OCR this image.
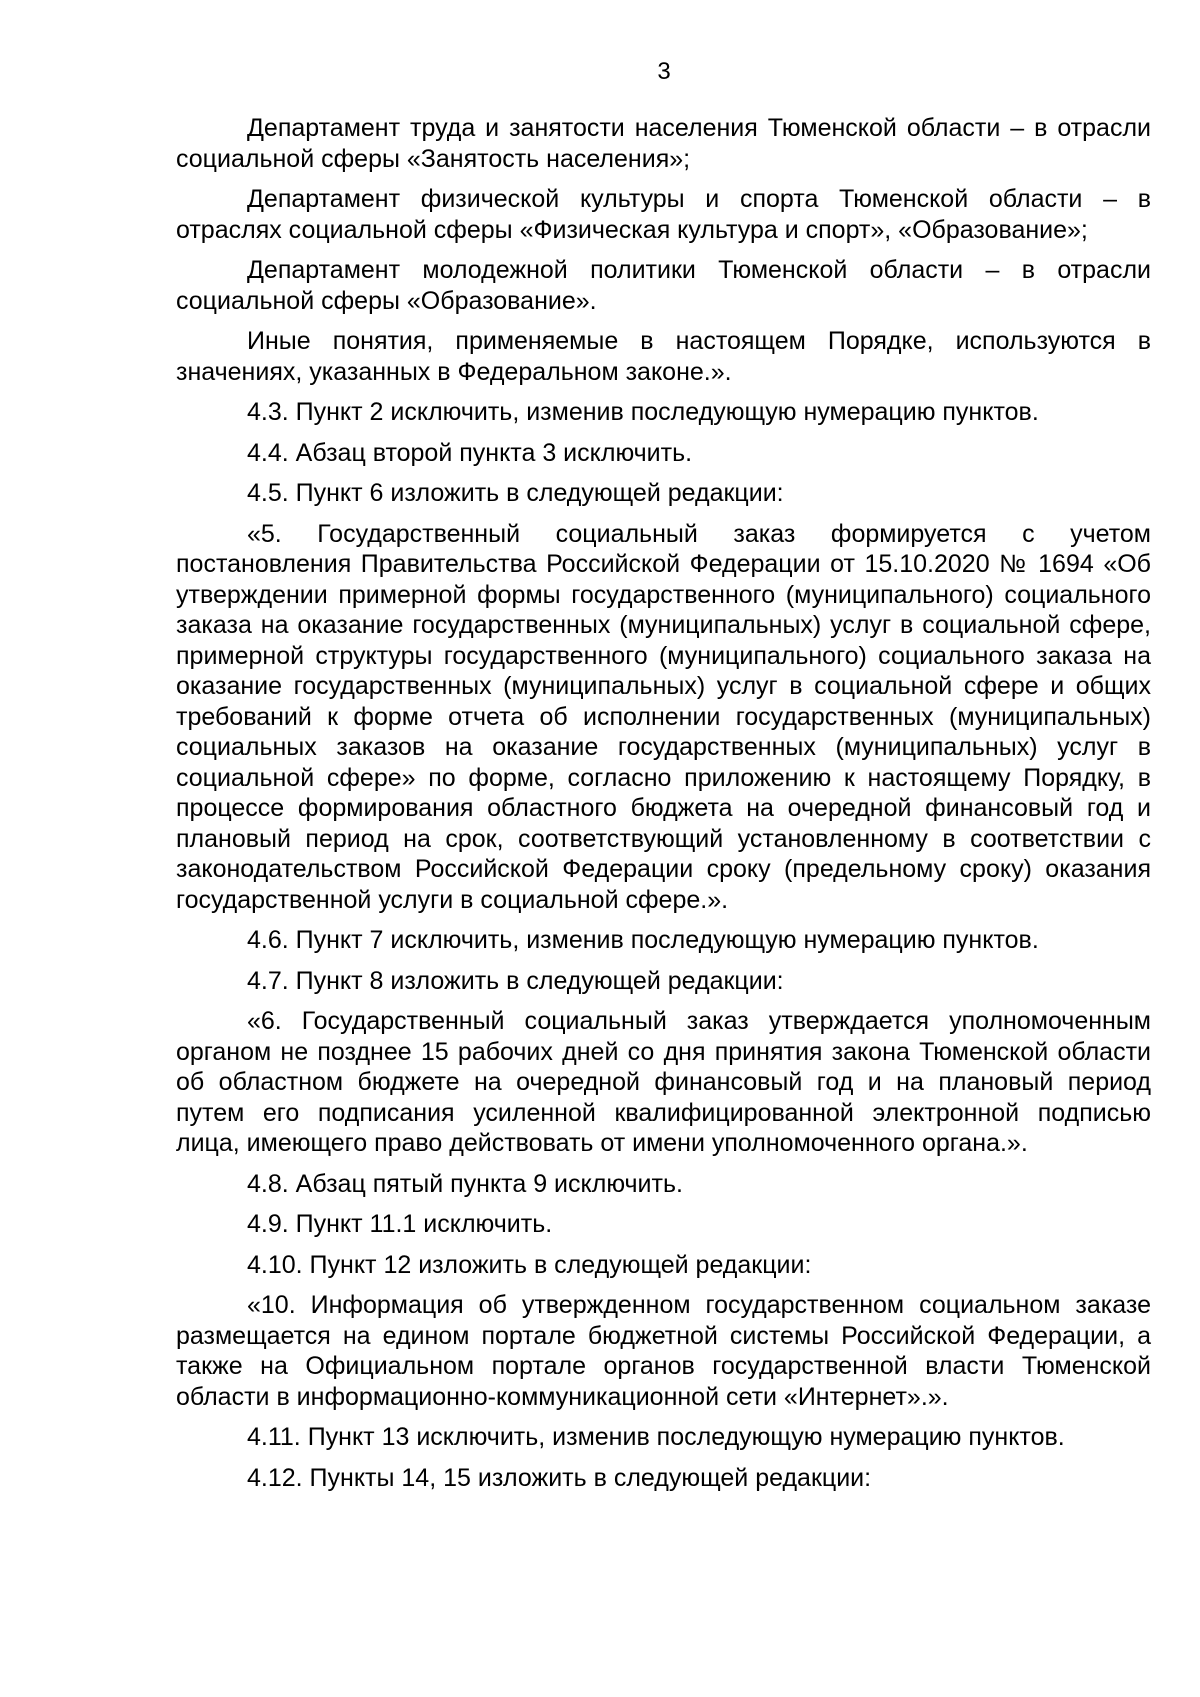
3

Департамент труда и занятости населения Тюменской области – в отрасли социальной сферы «Занятость населения»;

Департамент физической культуры и спорта Тюменской области – в отраслях социальной сферы «Физическая культура и спорт», «Образование»;

Департамент молодежной политики Тюменской области – в отрасли социальной сферы «Образование».

Иные понятия, применяемые в настоящем Порядке, используются в значениях, указанных в Федеральном законе.».

4.3. Пункт 2 исключить, изменив последующую нумерацию пунктов.

4.4. Абзац второй пункта 3 исключить.

4.5. Пункт 6 изложить в следующей редакции:

«5. Государственный социальный заказ формируется с учетом постановления Правительства Российской Федерации от 15.10.2020 № 1694 «Об утверждении примерной формы государственного (муниципального) социального заказа на оказание государственных (муниципальных) услуг в социальной сфере, примерной структуры государственного (муниципального) социального заказа на оказание государственных (муниципальных) услуг в социальной сфере и общих требований к форме отчета об исполнении государственных (муниципальных) социальных заказов на оказание государственных (муниципальных) услуг в социальной сфере» по форме, согласно приложению к настоящему Порядку, в процессе формирования областного бюджета на очередной финансовый год и плановый период на срок, соответствующий установленному в соответствии с законодательством Российской Федерации сроку (предельному сроку) оказания государственной услуги в социальной сфере.».

4.6. Пункт 7 исключить, изменив последующую нумерацию пунктов.

4.7. Пункт 8 изложить в следующей редакции:

«6. Государственный социальный заказ утверждается уполномоченным органом не позднее 15 рабочих дней со дня принятия закона Тюменской области об областном бюджете на очередной финансовый год и на плановый период путем его подписания усиленной квалифицированной электронной подписью лица, имеющего право действовать от имени уполномоченного органа.».

4.8. Абзац пятый пункта 9 исключить.

4.9. Пункт 11.1 исключить.

4.10. Пункт 12 изложить в следующей редакции:

«10. Информация об утвержденном государственном социальном заказе размещается на едином портале бюджетной системы Российской Федерации, а также на Официальном портале органов государственной власти Тюменской области в информационно-коммуникационной сети «Интернет».».

4.11. Пункт 13 исключить, изменив последующую нумерацию пунктов.

4.12. Пункты 14, 15 изложить в следующей редакции:
